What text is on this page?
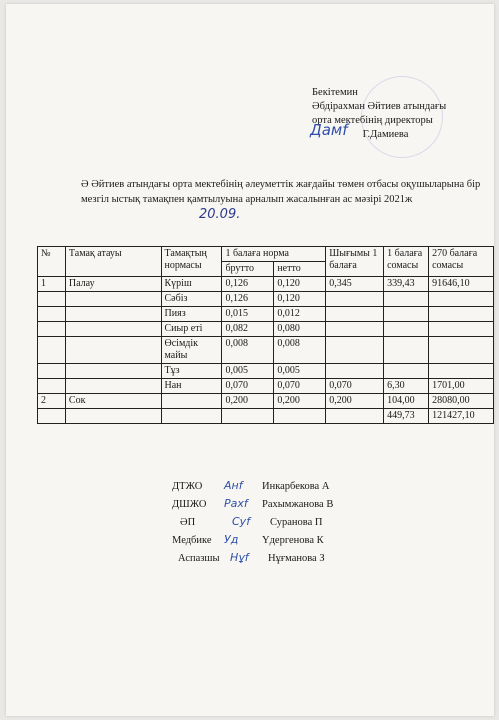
Бекітемин
Әбдірахман Әйтиев атындағы
орта мектебінің директоры
Дамf Г.Дамиева
Ә Әйтиев атындағы орта мектебінің әлеуметтік жағдайы төмен отбасы оқушыларына бір мезгіл ыстық тамақпен қамтылуына арналып жасалынған ас мәзірі 2021ж
20.09.
№	Тамақ атауы	Тамақтың нормасы	1 балаға норма		Шығымы 1 балаға	1 балаға сомасы	270 балаға сомасы
			брутто	нетто			
1	Палау	Күріш	0,126	0,120	0,345	339,43	91646,10
		Сәбіз	0,126	0,120			
		Пияз	0,015	0,012			
		Сиыр еті	0,082	0,080			
		Өсімдік майы	0,008	0,008			
		Тұз	0,005	0,005			
		Нан	0,070	0,070	0,070	6,30	1701,00
2	Сок		0,200	0,200	0,200	104,00	28080,00
						449,73	121427,10
ДТЖО Анf Инкарбекова А
ДШЖО Рахf Рахымжанова В
ӘП	Суf Суранова П
Медбике Уд Үдергенова К
Аспазшы Нұf Нұғманова З
